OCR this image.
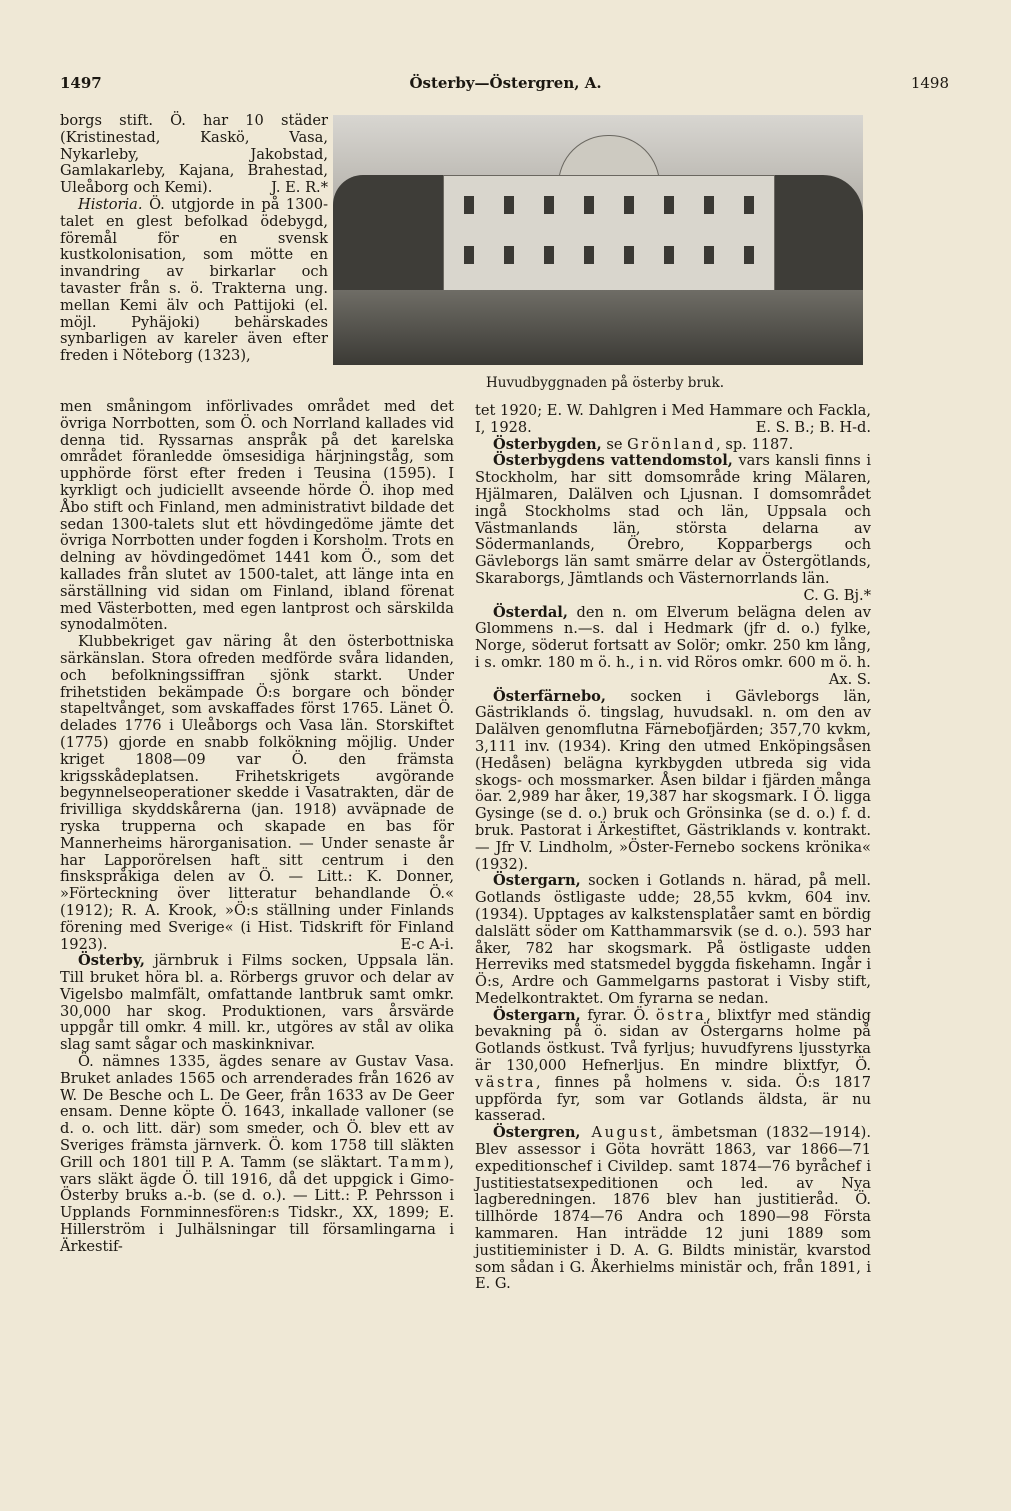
1497	Österby—Östergren, A.	1498

borgs stift. Ö. har 10 städer (Kristinestad, Kaskö, Vasa, Nykarleby, Jakobstad, Gamlakarleby, Kajana, Brahestad, Uleåborg och Kemi).	J. E. R.*

Historia. Ö. utgjorde in på 1300-talet en glest befolkad ödebygd, föremål för en svensk kustkolonisation, som mötte en invandring av birkarlar och tavaster från s. ö. Trakterna ung. mellan Kemi älv och Pattijoki (el. möjl. Pyhäjoki) behärskades synbarligen av kareler även efter freden i Nöteborg (1323),

Huvudbyggnaden på österby bruk.

men småningom införlivades området med det övriga Norrbotten, som Ö. och Norrland kallades vid denna tid. Ryssarnas anspråk på det karelska området föranledde ömsesidiga härjningståg, som upphörde först efter freden i Teusina (1595). I kyrkligt och judiciellt avseende hörde Ö. ihop med Åbo stift och Finland, men administrativt bildade det sedan 1300-talets slut ett hövdingedöme jämte det övriga Norrbotten under fogden i Korsholm. Trots en delning av hövdingedömet 1441 kom Ö., som det kallades från slutet av 1500-talet, att länge inta en särställning vid sidan om Finland, ibland förenat med Västerbotten, med egen lantprost och särskilda synodalmöten.

Klubbekriget gav näring åt den österbottniska särkänslan. Stora ofreden medförde svåra lidanden, och befolkningssiffran sjönk starkt. Under frihetstiden bekämpade Ö:s borgare och bönder stapeltvånget, som avskaffades först 1765. Länet Ö. delades 1776 i Uleåborgs och Vasa län. Storskiftet (1775) gjorde en snabb folkökning möjlig. Under kriget 1808—09 var Ö. den främsta krigsskådeplatsen. Frihetskrigets avgörande begynnelseoperationer skedde i Vasatrakten, där de frivilliga skyddskårerna (jan. 1918) avväpnade de ryska trupperna och skapade en bas för Mannerheims härorganisation. — Under senaste år har Lapporörelsen haft sitt centrum i den finskspråkiga delen av Ö. — Litt.: K. Donner, »Förteckning över litteratur behandlande Ö.« (1912); R. A. Krook, »Ö:s ställning under Finlands förening med Sverige« (i Hist. Tidskrift för Finland 1923).	E-c A-i.

Österby, järnbruk i Films socken, Uppsala län. Till bruket höra bl. a. Rörbergs gruvor och delar av Vigelsbo malmfält, omfattande lantbruk samt omkr. 30,000 har skog. Produktionen, vars årsvärde uppgår till omkr. 4 mill. kr., utgöres av stål av olika slag samt sågar och maskinknivar.

Ö. nämnes 1335, ägdes senare av Gustav Vasa. Bruket anlades 1565 och arrenderades från 1626 av W. De Besche och L. De Geer, från 1633 av De Geer ensam. Denne köpte Ö. 1643, inkallade valloner (se d. o. och litt. där) som smeder, och Ö. blev ett av Sveriges främsta järnverk. Ö. kom 1758 till släkten Grill och 1801 till P. A. Tamm (se släktart. Tamm), vars släkt ägde Ö. till 1916, då det uppgick i Gimo-Österby bruks a.-b. (se d. o.). — Litt.: P. Pehrsson i Upplands Fornminnesfören:s Tidskr., XX, 1899; E. Hillerström i Julhälsningar till församlingarna i Ärkestif-

tet 1920; E. W. Dahlgren i Med Hammare och Fackla, I, 1928.	E. S. B.; B. H-d.

Österbygden, se Grönland, sp. 1187.

Österbygdens vattendomstol, vars kansli finns i Stockholm, har sitt domsområde kring Mälaren, Hjälmaren, Dalälven och Ljusnan. I domsområdet ingå Stockholms stad och län, Uppsala och Västmanlands län, största delarna av Södermanlands, Örebro, Kopparbergs och Gävleborgs län samt smärre delar av Östergötlands, Skaraborgs, Jämtlands och Västernorrlands län.
C. G. Bj.*

Österdal, den n. om Elverum belägna delen av Glommens n.—s. dal i Hedmark (jfr d. o.) fylke, Norge, söderut fortsatt av Solör; omkr. 250 km lång, i s. omkr. 180 m ö. h., i n. vid Röros omkr. 600 m ö. h.
Ax. S.

Österfärnebo, socken i Gävleborgs län, Gästriklands ö. tingslag, huvudsakl. n. om den av Dalälven genomflutna Färnebofjärden; 357,70 kvkm, 3,111 inv. (1934). Kring den utmed Enköpingsåsen (Hedåsen) belägna kyrkbygden utbreda sig vida skogs- och mossmarker. Åsen bildar i fjärden många öar. 2,989 har åker, 19,387 har skogsmark. I Ö. ligga Gysinge (se d. o.) bruk och Grönsinka (se d. o.) f. d. bruk. Pastorat i Ärkestiftet, Gästriklands v. kontrakt. — Jfr V. Lindholm, »Öster-Fernebo sockens krönika« (1932).

Östergarn, socken i Gotlands n. härad, på mell. Gotlands östligaste udde; 28,55 kvkm, 604 inv. (1934). Upptages av kalkstensplatåer samt en bördig dalslätt söder om Katthammarsvik (se d. o.). 593 har åker, 782 har skogsmark. På östligaste udden Herreviks med statsmedel byggda fiskehamn. Ingår i Ö:s, Ardre och Gammelgarns pastorat i Visby stift, Medelkontraktet. Om fyrarna se nedan.

Östergarn, fyrar. Ö. östra, blixtfyr med ständig bevakning på ö. sidan av Östergarns holme på Gotlands östkust. Två fyrljus; huvudfyrens ljusstyrka är 130,000 Hefnerljus. En mindre blixtfyr, Ö. västra, finnes på holmens v. sida. Ö:s 1817 uppförda fyr, som var Gotlands äldsta, är nu kasserad.

Östergren, August, ämbetsman (1832—1914). Blev assessor i Göta hovrätt 1863, var 1866—71 expeditionschef i Civildep. samt 1874—76 byråchef i Justitiestatsexpeditionen och led. av Nya lagberedningen. 1876 blev han justitieråd. Ö. tillhörde 1874—76 Andra och 1890—98 Första kammaren. Han inträdde 12 juni 1889 som justitieminister i D. A. G. Bildts ministär, kvarstod som sådan i G. Åkerhielms ministär och, från 1891, i E. G.
